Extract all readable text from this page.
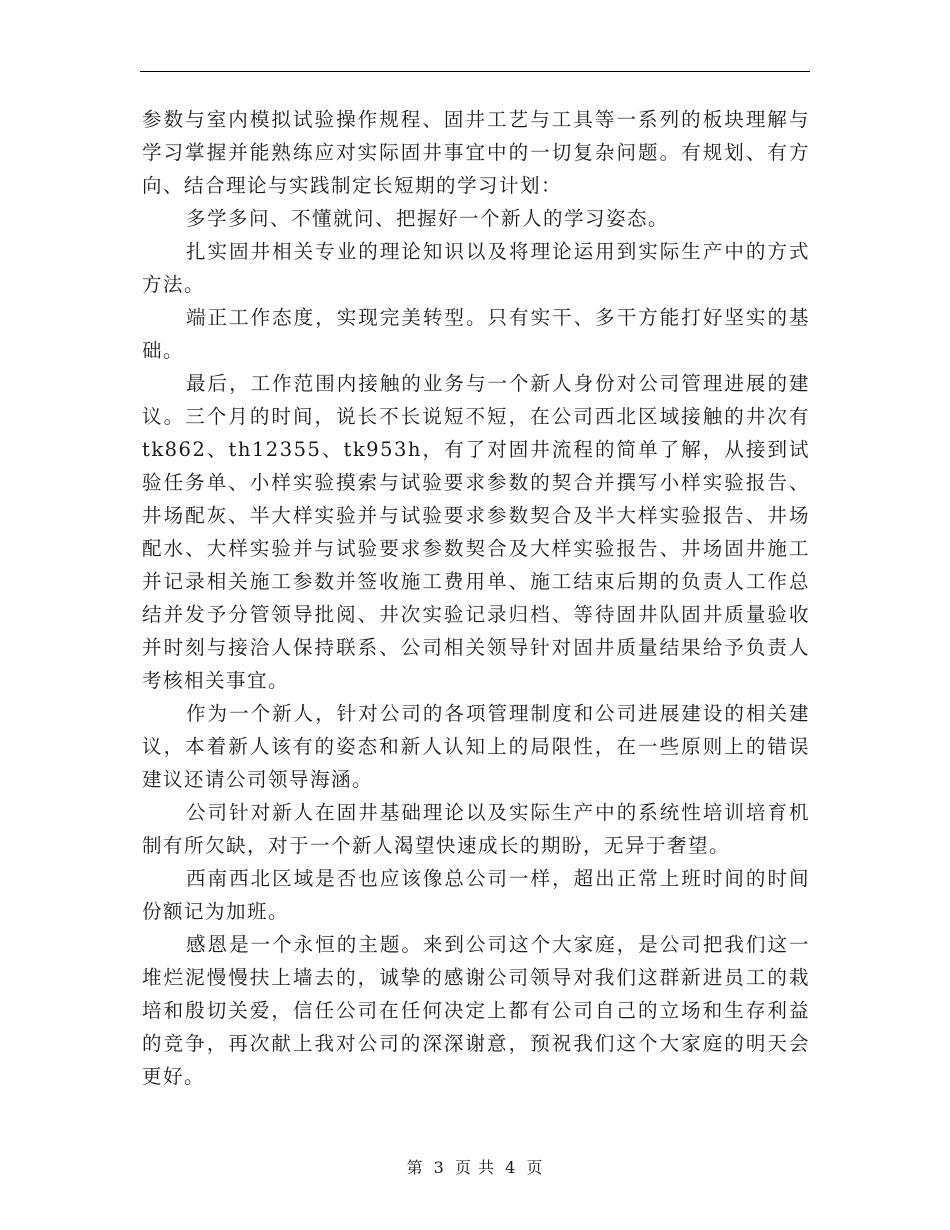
参数与室内模拟试验操作规程、固井工艺与工具等一系列的板块理解与学习掌握并能熟练应对实际固井事宜中的一切复杂问题。有规划、有方向、结合理论与实践制定长短期的学习计划：

多学多问、不懂就问、把握好一个新人的学习姿态。

扎实固井相关专业的理论知识以及将理论运用到实际生产中的方式方法。

端正工作态度，实现完美转型。只有实干、多干方能打好坚实的基础。

最后，工作范围内接触的业务与一个新人身份对公司管理进展的建议。三个月的时间，说长不长说短不短，在公司西北区域接触的井次有 tk862、th12355、tk953h，有了对固井流程的简单了解，从接到试验任务单、小样实验摸索与试验要求参数的契合并撰写小样实验报告、井场配灰、半大样实验并与试验要求参数契合及半大样实验报告、井场配水、大样实验并与试验要求参数契合及大样实验报告、井场固井施工并记录相关施工参数并签收施工费用单、施工结束后期的负责人工作总结并发予分管领导批阅、井次实验记录归档、等待固井队固井质量验收并时刻与接洽人保持联系、公司相关领导针对固井质量结果给予负责人考核相关事宜。

作为一个新人，针对公司的各项管理制度和公司进展建设的相关建议，本着新人该有的姿态和新人认知上的局限性，在一些原则上的错误建议还请公司领导海涵。

公司针对新人在固井基础理论以及实际生产中的系统性培训培育机制有所欠缺，对于一个新人渴望快速成长的期盼，无异于奢望。

西南西北区域是否也应该像总公司一样，超出正常上班时间的时间份额记为加班。

感恩是一个永恒的主题。来到公司这个大家庭，是公司把我们这一堆烂泥慢慢扶上墙去的，诚挚的感谢公司领导对我们这群新进员工的栽培和殷切关爱，信任公司在任何决定上都有公司自己的立场和生存利益的竞争，再次献上我对公司的深深谢意，预祝我们这个大家庭的明天会更好。

第 3 页 共 4 页
